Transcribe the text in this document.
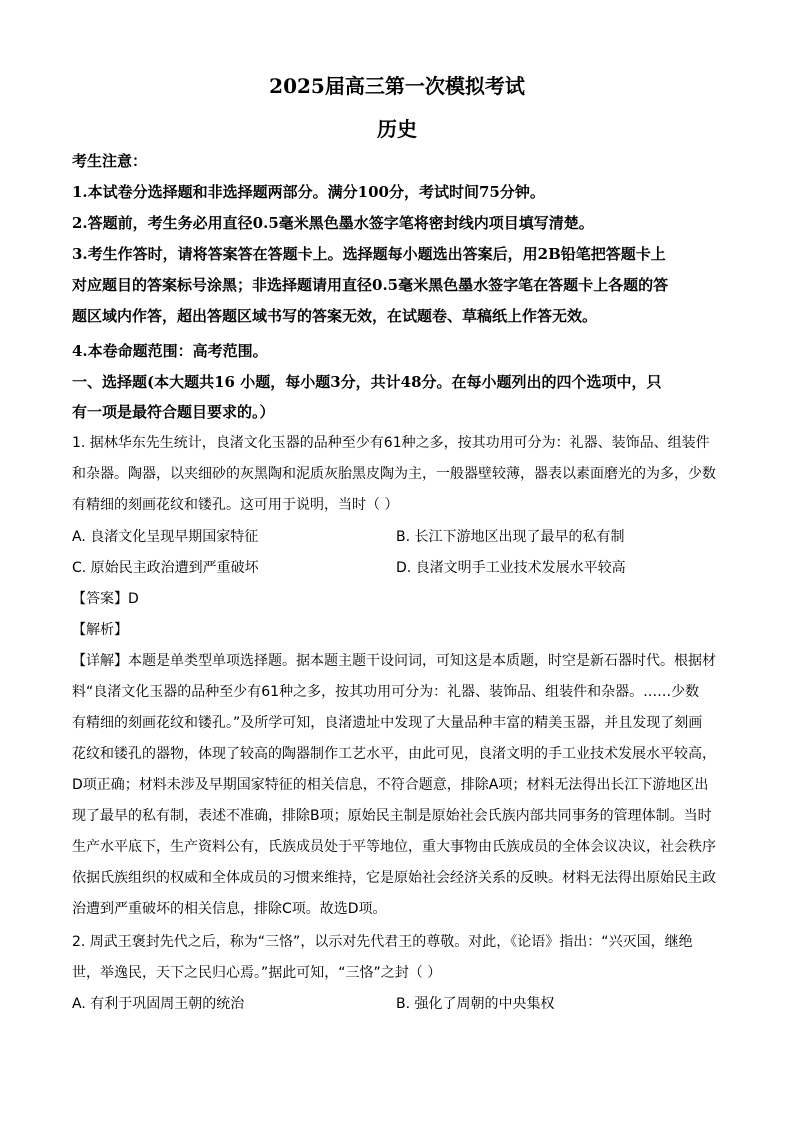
2025届高三第一次模拟考试
历史
考生注意：
1.本试卷分选择题和非选择题两部分。满分100分，考试时间75分钟。
2.答题前，考生务必用直径0.5毫米黑色墨水签字笔将密封线内项目填写清楚。
3.考生作答时，请将答案答在答题卡上。选择题每小题选出答案后，用2B铅笔把答题卡上
对应题目的答案标号涂黑；非选择题请用直径0.5毫米黑色墨水签字笔在答题卡上各题的答
题区域内作答，超出答题区域书写的答案无效，在试题卷、草稿纸上作答无效。
4.本卷命题范围：高考范围。
一、选择题(本大题共16 小题，每小题3分，共计48分。在每小题列出的四个选项中，只
有一项是最符合题目要求的。）
1. 据林华东先生统计，良渚文化玉器的品种至少有61种之多，按其功用可分为：礼器、装饰品、组装件
和杂器。陶器，以夹细砂的灰黑陶和泥质灰胎黑皮陶为主，一般器壁较薄，器表以素面磨光的为多，少数
有精细的刻画花纹和镂孔。这可用于说明，当时（ ）
A. 良渚文化呈现早期国家特征	B. 长江下游地区出现了最早的私有制
C. 原始民主政治遭到严重破坏	D. 良渚文明手工业技术发展水平较高
【答案】D
【解析】
【详解】本题是单类型单项选择题。据本题主题干设问词，可知这是本质题，时空是新石器时代。根据材
料“良渚文化玉器的品种至少有61种之多，按其功用可分为：礼器、装饰品、组装件和杂器。……少数
有精细的刻画花纹和镂孔。”及所学可知，良渚遗址中发现了大量品种丰富的精美玉器，并且发现了刻画
花纹和镂孔的器物，体现了较高的陶器制作工艺水平，由此可见，良渚文明的手工业技术发展水平较高，
D项正确；材料未涉及早期国家特征的相关信息，不符合题意，排除A项；材料无法得出长江下游地区出
现了最早的私有制，表述不准确，排除B项；原始民主制是原始社会氏族内部共同事务的管理体制。当时
生产水平底下，生产资料公有，氏族成员处于平等地位，重大事物由氏族成员的全体会议决议，社会秩序
依据氏族组织的权威和全体成员的习惯来维持，它是原始社会经济关系的反映。材料无法得出原始民主政
治遭到严重破坏的相关信息，排除C项。故选D项。
2. 周武王褒封先代之后，称为“三恪”，以示对先代君王的尊敬。对此，《论语》指出：“兴灭国，继绝
世，举逸民，天下之民归心焉。”据此可知，“三恪”之封（ ）
A. 有利于巩固周王朝的统治	B. 强化了周朝的中央集权
